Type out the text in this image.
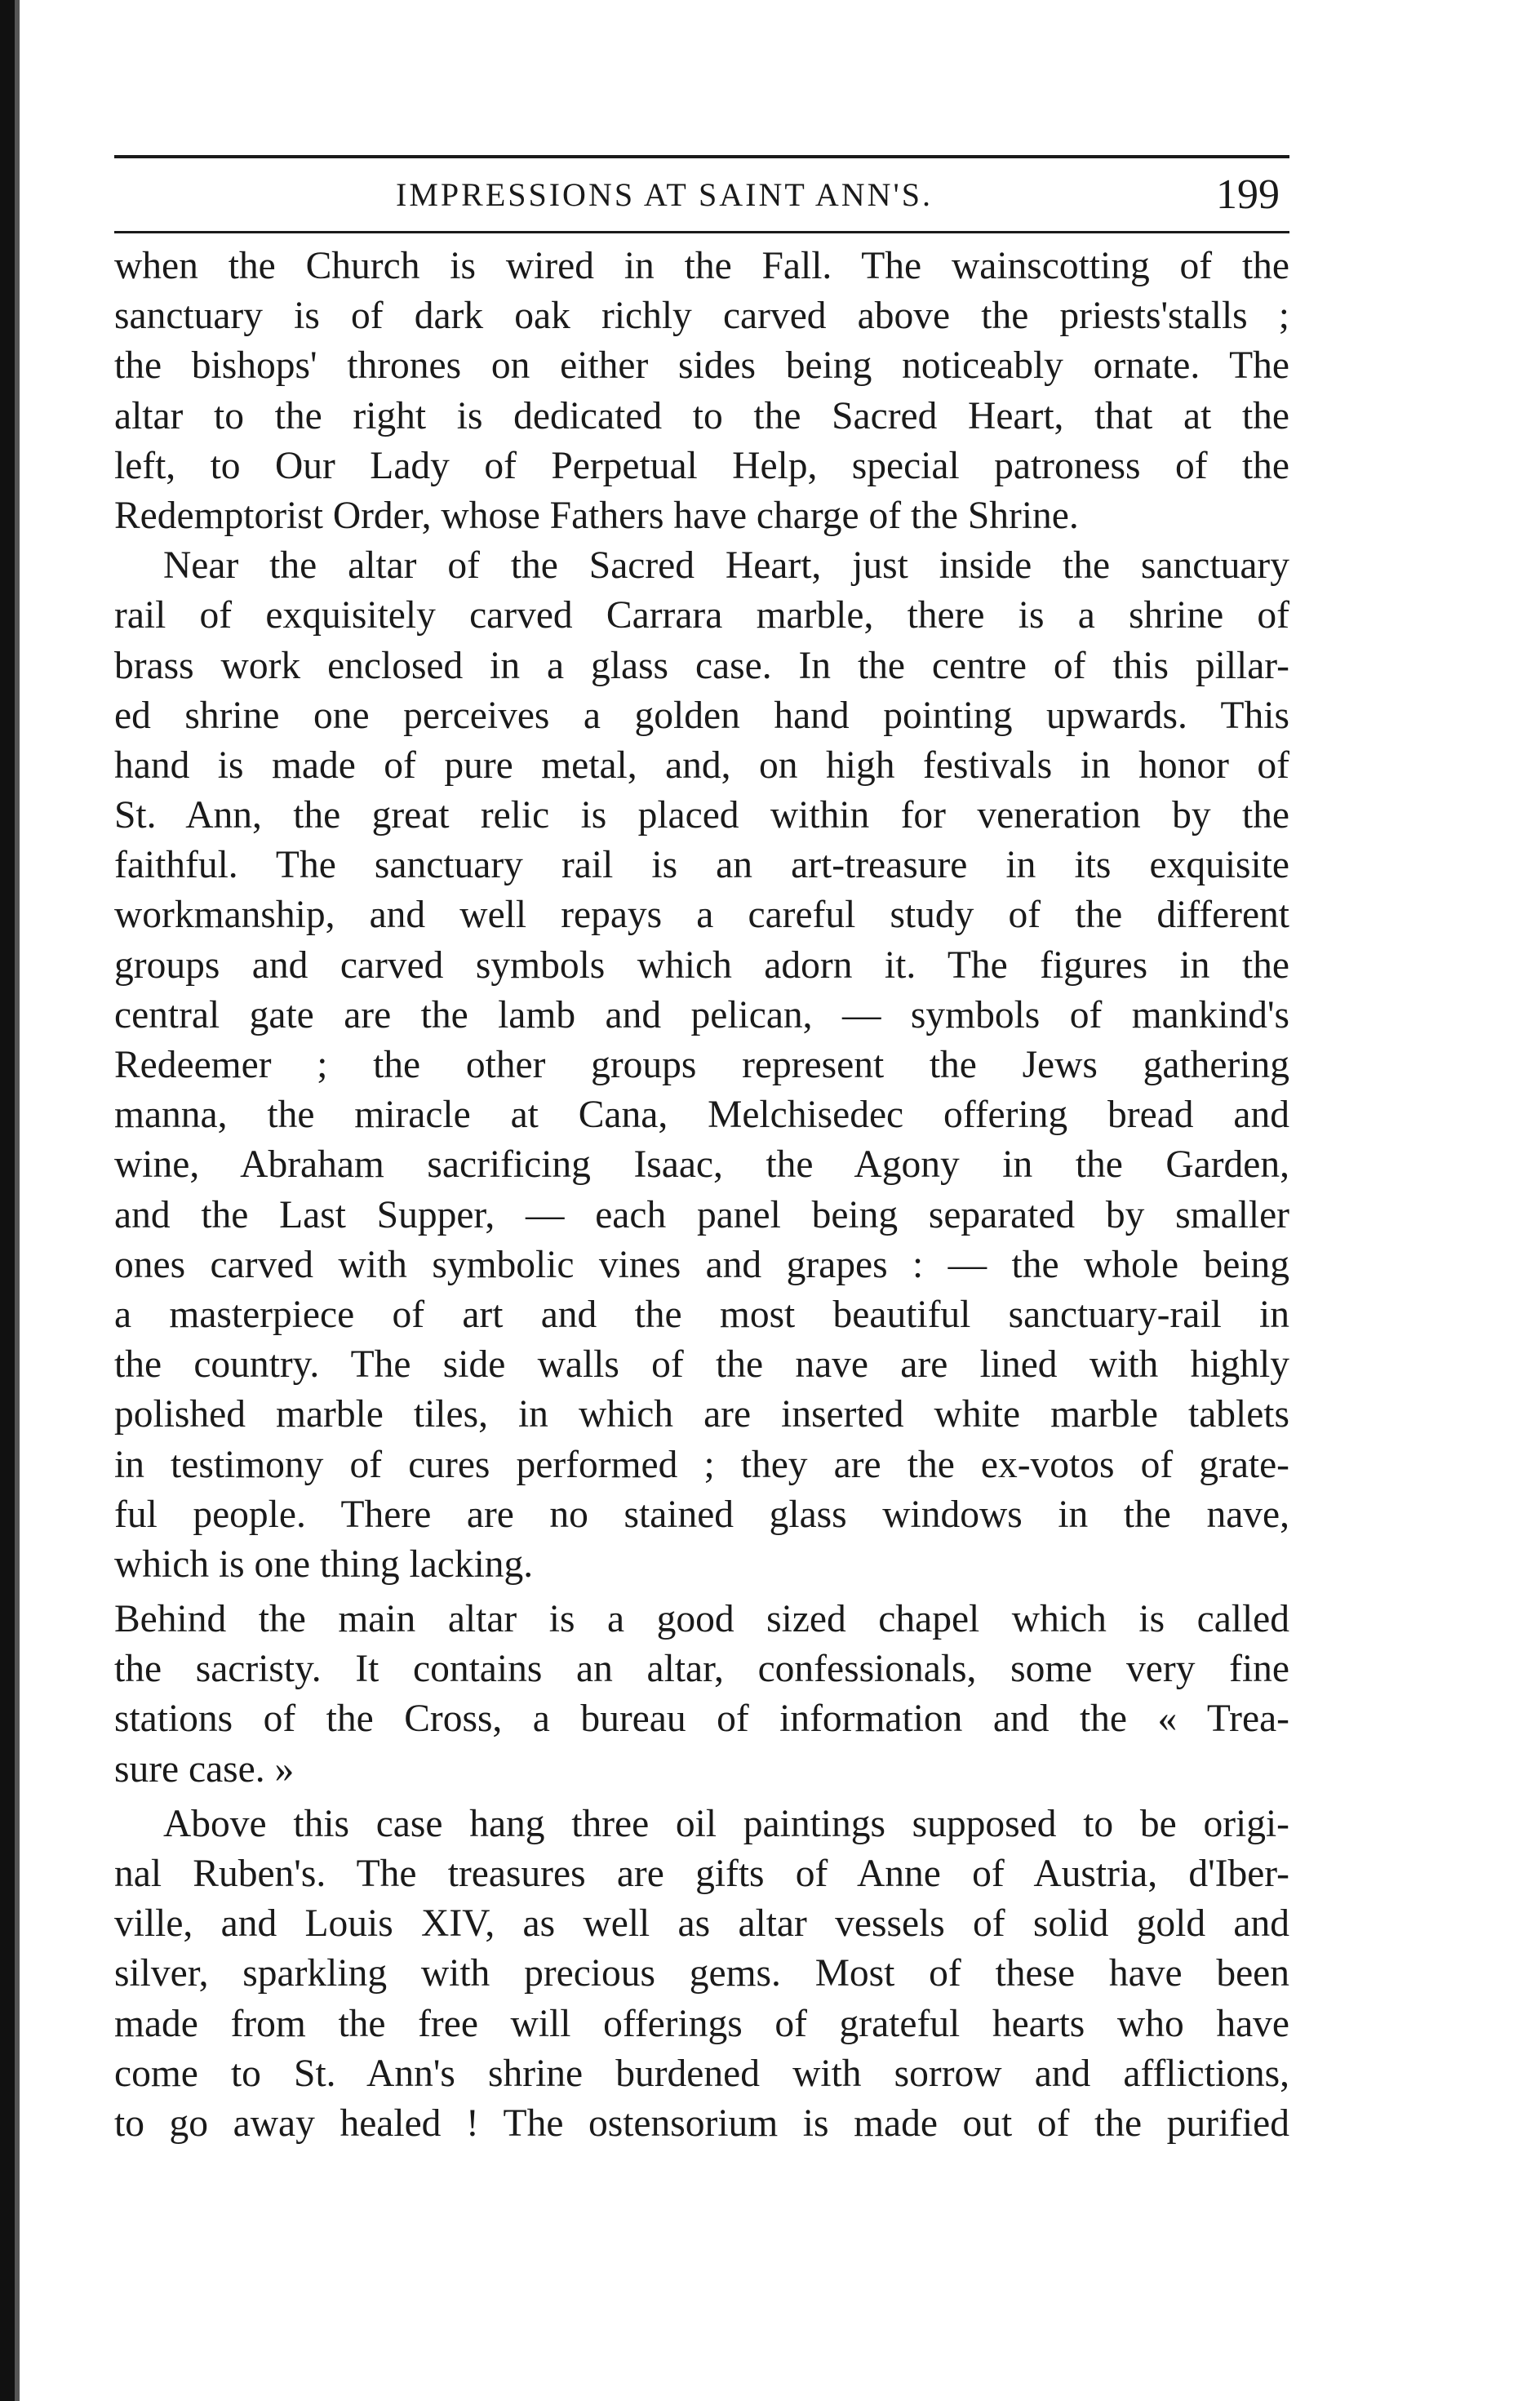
IMPRESSIONS AT SAINT ANN'S.	199
when the Church is wired in the Fall. The wainscotting of the
sanctuary is of dark oak richly carved above the priests'stalls ;
the bishops' thrones on either sides being noticeably ornate. The
altar to the right is dedicated to the Sacred Heart, that at the
left, to Our Lady of Perpetual Help, special patroness of the
Redemptorist Order, whose Fathers have charge of the Shrine.
Near the altar of the Sacred Heart, just inside the sanctuary
rail of exquisitely carved Carrara marble, there is a shrine of
brass work enclosed in a glass case. In the centre of this pillar-
ed shrine one perceives a golden hand pointing upwards. This
hand is made of pure metal, and, on high festivals in honor of
St. Ann, the great relic is placed within for veneration by the
faithful. The sanctuary rail is an art-treasure in its exquisite
workmanship, and well repays a careful study of the different
groups and carved symbols which adorn it. The figures in the
central gate are the lamb and pelican, — symbols of mankind's
Redeemer ; the other groups represent the Jews gathering
manna, the miracle at Cana, Melchisedec offering bread and
wine, Abraham sacrificing Isaac, the Agony in the Garden,
and the Last Supper, — each panel being separated by smaller
ones carved with symbolic vines and grapes : — the whole being
a masterpiece of art and the most beautiful sanctuary-rail in
the country. The side walls of the nave are lined with highly
polished marble tiles, in which are inserted white marble tablets
in testimony of cures performed ; they are the ex-votos of grate-
ful people. There are no stained glass windows in the nave,
which is one thing lacking.
Behind the main altar is a good sized chapel which is called
the sacristy. It contains an altar, confessionals, some very fine
stations of the Cross, a bureau of information and the « Trea-
sure case. »
Above this case hang three oil paintings supposed to be origi-
nal Ruben's. The treasures are gifts of Anne of Austria, d'Iber-
ville, and Louis XIV, as well as altar vessels of solid gold and
silver, sparkling with precious gems. Most of these have been
made from the free will offerings of grateful hearts who have
come to St. Ann's shrine burdened with sorrow and afflictions,
to go away healed ! The ostensorium is made out of the purified
